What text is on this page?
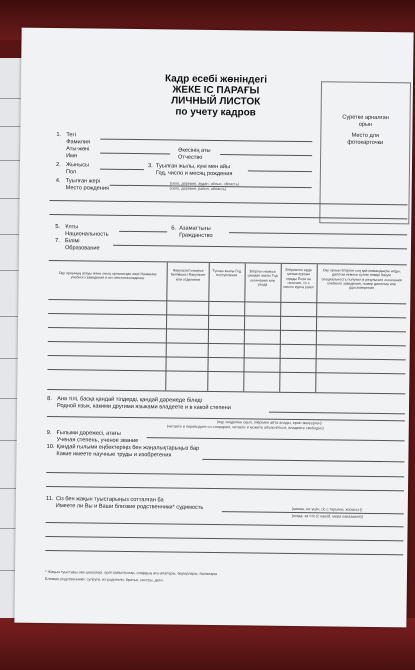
Кадр есебі жөніндегі
ЖЕКЕ ІС ПАРАҒЫ
ЛИЧНЫЙ ЛИСТОК
по учету кадров	Суретке арналған
орын
Место для
фотокарточки
1. Тегі
Фамилия
Аты-жөні
Имя
Әкесінің аты
Отчество
2. Жынысы
Пол
3. Туылған жылы, күні мен айы
Год, число и месяц рождения
4. Туылған жері
Место рождения
(село, деревня, аудан, облыс, область)
(село, деревня, район, область)
5. Ұлты
Национальность
6. Азаматтығы
Гражданство
7. Білімі
Образование
Оқу орнының атауы және оның орналасқан жері Название учебного заведения и его местонахождение
Факультеті немесе бөлімшесі Факультет или отделение
Түскен жылы Год поступления
Бітірген немесе шыққан жылы Год окончания или ухода
Бітірмеген ерде қанша курсын оқыды Если не окончил, то с какого курса ушел
Оку орнын бітірген соң қай мамандықты алды, диплом немесе куәлік нөмірі Какую специальность получил в результате окончания учебного заведения, номер диплома или удостоверения
8. Ана тілі, басқа қандай тілдерді, қандай дәрежеде біледі
Родной язык, какими другими языками владеете и в какой степени
(оқу, сөздікпен оқып, пікірімен айта алады, еркін меңгерген)
(читаете и переводите со словарем, читаете и можете объясняться, владеете свободно)
9. Ғылыми дәрежесі, атағы
Ученая степень, ученое звание
10. Қандай ғылыми еңбектеріңіз бен жаңалықтарыңыз бар
Какие имеете научные труды и изобретения
11. Сіз бен жақын туыстарыңыз сотталған ба
Имеете ли Вы и Ваши близкие родственники* судимость	(қашан, не үшін, (іс.с.тарымы, жазасы-))
(когда, за что (с какой, мера наказания))
* Жақын туыстары әке-шешілері, ерлі-зайыптылар, олардың аға-апалары, бауырлары, балалары
Близкие родственники: супруги, их родители, братья, сестры, дети
